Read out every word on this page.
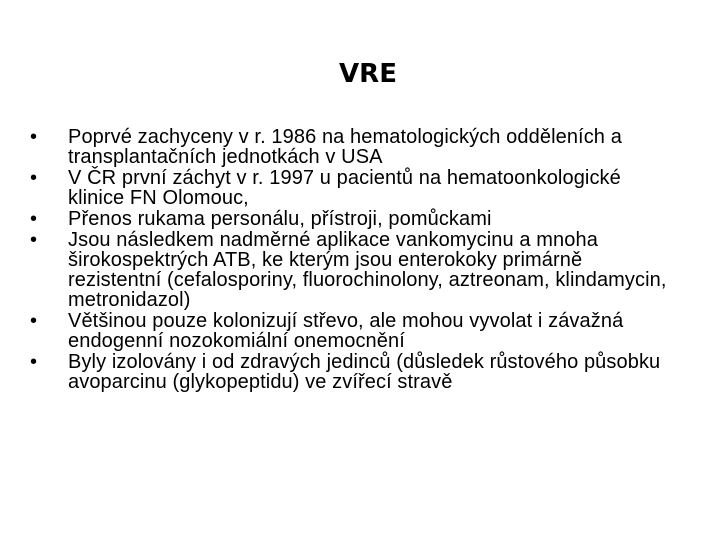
VRE
•	Poprvé zachyceny v r. 1986 na hematologických odděleních a transplantačních jednotkách v USA
•	V ČR první záchyt v r. 1997 u pacientů na hematoonkologické klinice FN Olomouc,
•	Přenos rukama personálu, přístroji, pomůckami
•	Jsou následkem nadměrné aplikace vankomycinu a mnoha širokospektrých ATB, ke kterým jsou enterokoky primárně rezistentní (cefalosporiny, fluorochinolony, aztreonam, klindamycin, metronidazol)
•	Většinou pouze kolonizují střevo, ale mohou vyvolat i závažná endogenní nozokomiální onemocnění
•	Byly izolovány i od zdravých jedinců (důsledek růstového působku avoparcinu (glykopeptidu) ve zvířecí stravě
